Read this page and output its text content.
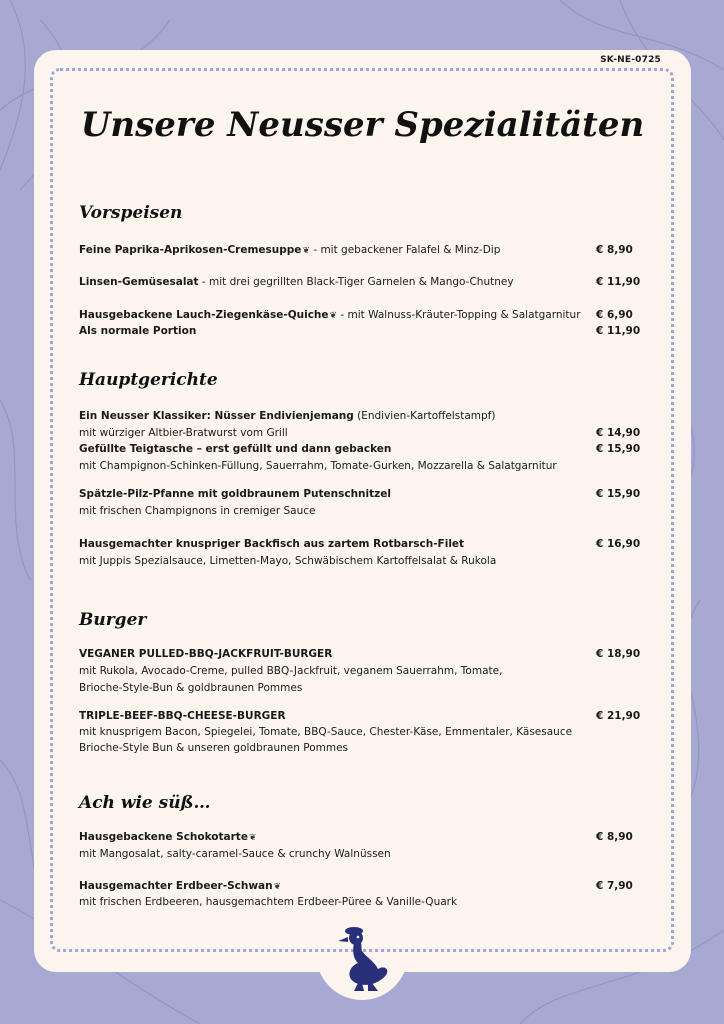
SK-NE-0725
Unsere Neusser Spezialitäten
Vorspeisen
Feine Paprika-Aprikosen-Cremesuppe❦ - mit gebackener Falafel & Minz-Dip	€ 8,90
Linsen-Gemüsesalat - mit drei gegrillten Black-Tiger Garnelen & Mango-Chutney	€ 11,90
Hausgebackene Lauch-Ziegenkäse-Quiche❦ - mit Walnuss-Kräuter-Topping & Salatgarnitur € 6,90
Als normale Portion	€ 11,90
Hauptgerichte
Ein Neusser Klassiker: Nüsser Endivienjemang (Endivien-Kartoffelstampf)
mit würziger Altbier-Bratwurst vom Grill	€ 14,90
Gefüllte Teigtasche – erst gefüllt und dann gebacken	€ 15,90
mit Champignon-Schinken-Füllung, Sauerrahm, Tomate-Gurken, Mozzarella & Salatgarnitur
Spätzle-Pilz-Pfanne mit goldbraunem Putenschnitzel	€ 15,90
mit frischen Champignons in cremiger Sauce
Hausgemachter knuspriger Backfisch aus zartem Rotbarsch-Filet	€ 16,90
mit Juppis Spezialsauce, Limetten-Mayo, Schwäbischem Kartoffelsalat & Rukola
Burger
VEGANER PULLED-BBQ-JACKFRUIT-BURGER	€ 18,90
mit Rukola, Avocado-Creme, pulled BBQ-Jackfruit, veganem Sauerrahm, Tomate,
Brioche-Style-Bun & goldbraunen Pommes
TRIPLE-BEEF-BBQ-CHEESE-BURGER	€ 21,90
mit knusprigem Bacon, Spiegelei, Tomate, BBQ-Sauce, Chester-Käse, Emmentaler, Käsesauce
Brioche-Style Bun & unseren goldbraunen Pommes
Ach wie süß…
Hausgebackene Schokotarte❦	€ 8,90
mit Mangosalat, salty-caramel-Sauce & crunchy Walnüssen
Hausgemachter Erdbeer-Schwan❦	€ 7,90
mit frischen Erdbeeren, hausgemachtem Erdbeer-Püree & Vanille-Quark
